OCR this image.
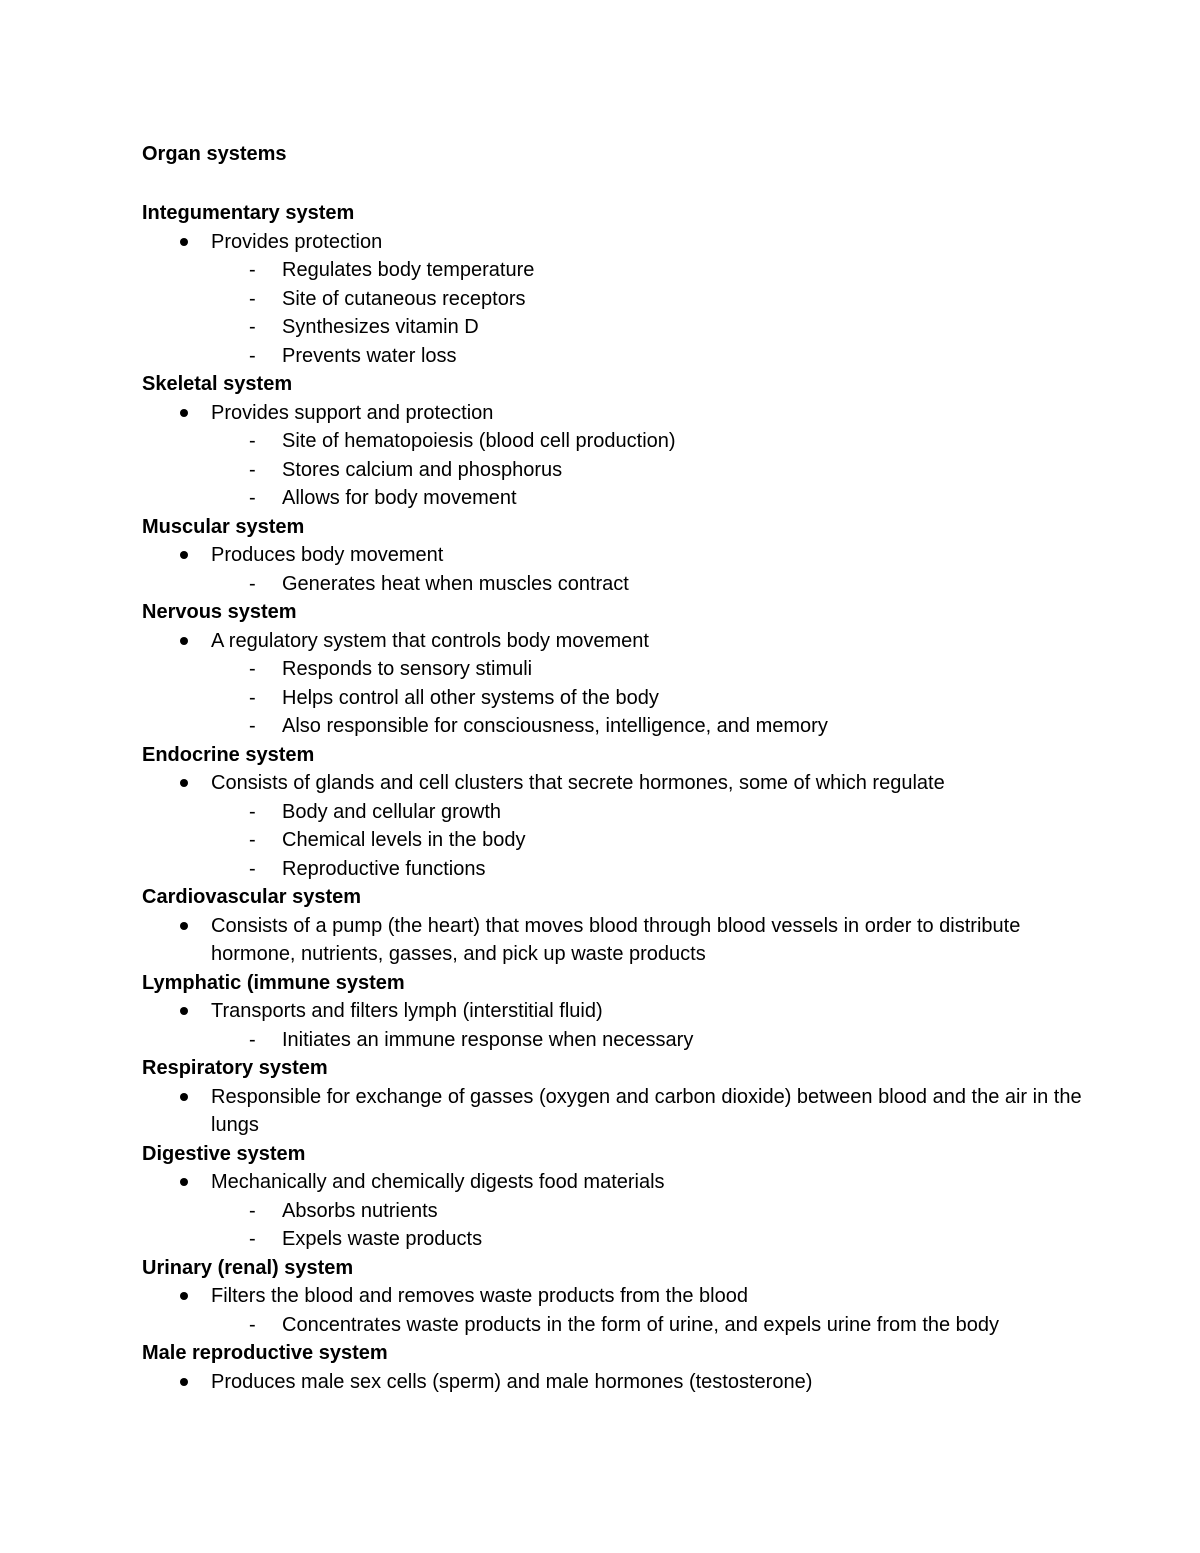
Organ systems
Integumentary system
Provides protection
- Regulates body temperature
- Site of cutaneous receptors
- Synthesizes vitamin D
- Prevents water loss
Skeletal system
Provides support and protection
- Site of hematopoiesis (blood cell production)
- Stores calcium and phosphorus
- Allows for body movement
Muscular system
Produces body movement
- Generates heat when muscles contract
Nervous system
A regulatory system that controls body movement
- Responds to sensory stimuli
- Helps control all other systems of the body
- Also responsible for consciousness, intelligence, and memory
Endocrine system
Consists of glands and cell clusters that secrete hormones, some of which regulate
- Body and cellular growth
- Chemical levels in the body
- Reproductive functions
Cardiovascular system
Consists of a pump (the heart) that moves blood through blood vessels in order to distribute hormone, nutrients, gasses, and pick up waste products
Lymphatic (immune system
Transports and filters lymph (interstitial fluid)
- Initiates an immune response when necessary
Respiratory system
Responsible for exchange of gasses (oxygen and carbon dioxide) between blood and the air in the lungs
Digestive system
Mechanically and chemically digests food materials
- Absorbs nutrients
- Expels waste products
Urinary (renal) system
Filters the blood and removes waste products from the blood
- Concentrates waste products in the form of urine, and expels urine from the body
Male reproductive system
Produces male sex cells (sperm) and male hormones (testosterone)
